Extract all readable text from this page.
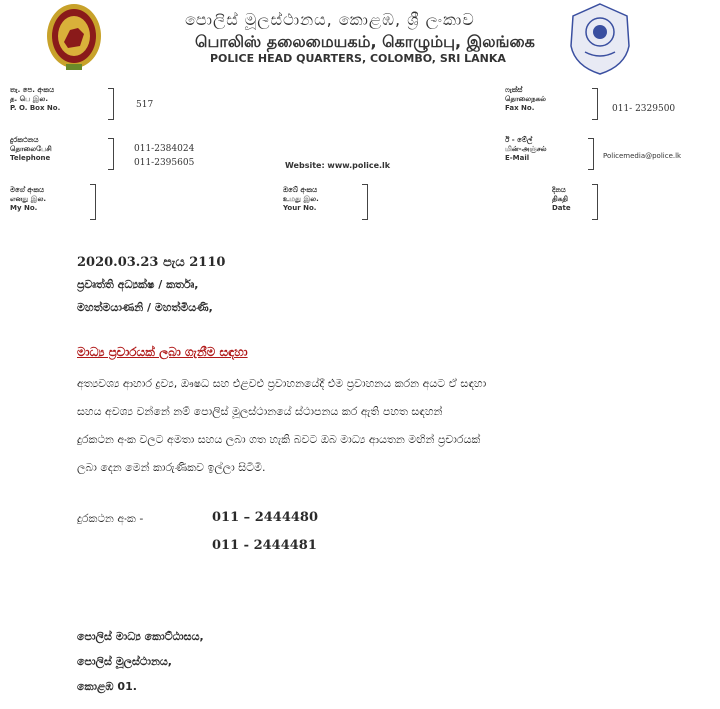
පොලිස් මූලස්ථානය, කොළඹ, ශ්‍රී ලංකාව
பொலிஸ் தலைமையகம், கொழும்பு, இலங்கை
POLICE HEAD QUARTERS, COLOMBO, SRI LANKA
තැ. පෙ. අංකය
த. பெ இல.
P. O. Box No.	517
ෆැක්ස්
தொலைநகல்
Fax No.	011- 2329500
දුරකථනය
தொலைபேசி
Telephone
011-2384024
011-2395605	Website: www.police.lk
ඊ - මේල්
மின்-அஞ்சல்
E-Mail	Policemedia@police.lk
මගේ අංකය
எனது இல.
My No.
ඔබේ අංකය
உமது இல.
Your No.
දිනය
திகதி
Date
2020.03.23 පැය 2110
ප්‍රවෘත්ති අධ්‍යක්ෂ / කර්තෘ,
මහත්මයාණනි / මහත්මියණි,
මාධ්‍ය ප්‍රචාරයක් ලබා ගැනීම සඳහා
අත්‍යවශ්‍ය ආහාර ද්‍රව්‍ය, ඖෂධ සහ එළවළු ප්‍රවාහනයේදී එම ප්‍රවාහනය කරන අයට ඒ සඳහා
සහය අවශ්‍ය වන්නේ නම් පොලිස් මූලස්ථානයේ ස්ථාපනය කර ඇති පහත සඳහන්
දුරකථන අංක වලට අමතා සහය ලබා ගත හැකි බවට ඔබ මාධ්‍ය ආයතන මඟින් ප්‍රචාරයක්
ලබා දෙන මෙන් කාරුණිකව ඉල්ලා සිටිමි.
දුරකථන අංක -	011 – 2444480
011 - 2444481
පොලිස් මාධ්‍ය කොට්ඨාසය,
පොලිස් මූලස්ථානය,
කොළඹ 01.
